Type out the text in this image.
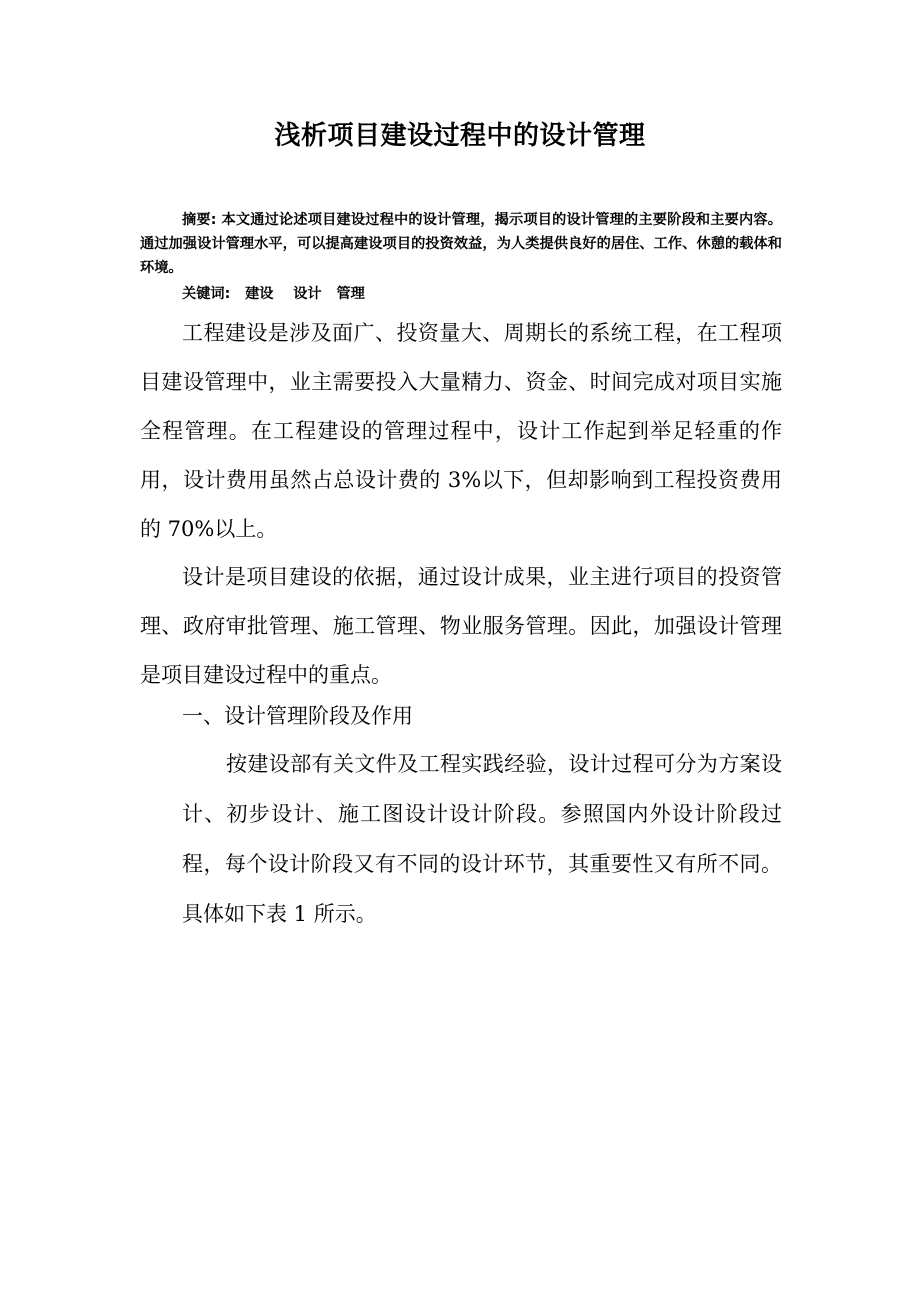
浅析项目建设过程中的设计管理
摘要: 本文通过论述项目建设过程中的设计管理，揭示项目的设计管理的主要阶段和主要内容。通过加强设计管理水平，可以提高建设项目的投资效益，为人类提供良好的居住、工作、休憩的载体和环境。
关键词: 建设 设计 管理

工程建设是涉及面广、投资量大、周期长的系统工程，在工程项目建设管理中，业主需要投入大量精力、资金、时间完成对项目实施全程管理。在工程建设的管理过程中，设计工作起到举足轻重的作用，设计费用虽然占总设计费的 3%以下，但却影响到工程投资费用的 70%以上。

设计是项目建设的依据，通过设计成果，业主进行项目的投资管理、政府审批管理、施工管理、物业服务管理。因此，加强设计管理是项目建设过程中的重点。

一、设计管理阶段及作用

按建设部有关文件及工程实践经验，设计过程可分为方案设计、初步设计、施工图设计设计阶段。参照国内外设计阶段过程，每个设计阶段又有不同的设计环节，其重要性又有所不同。具体如下表 1 所示。
